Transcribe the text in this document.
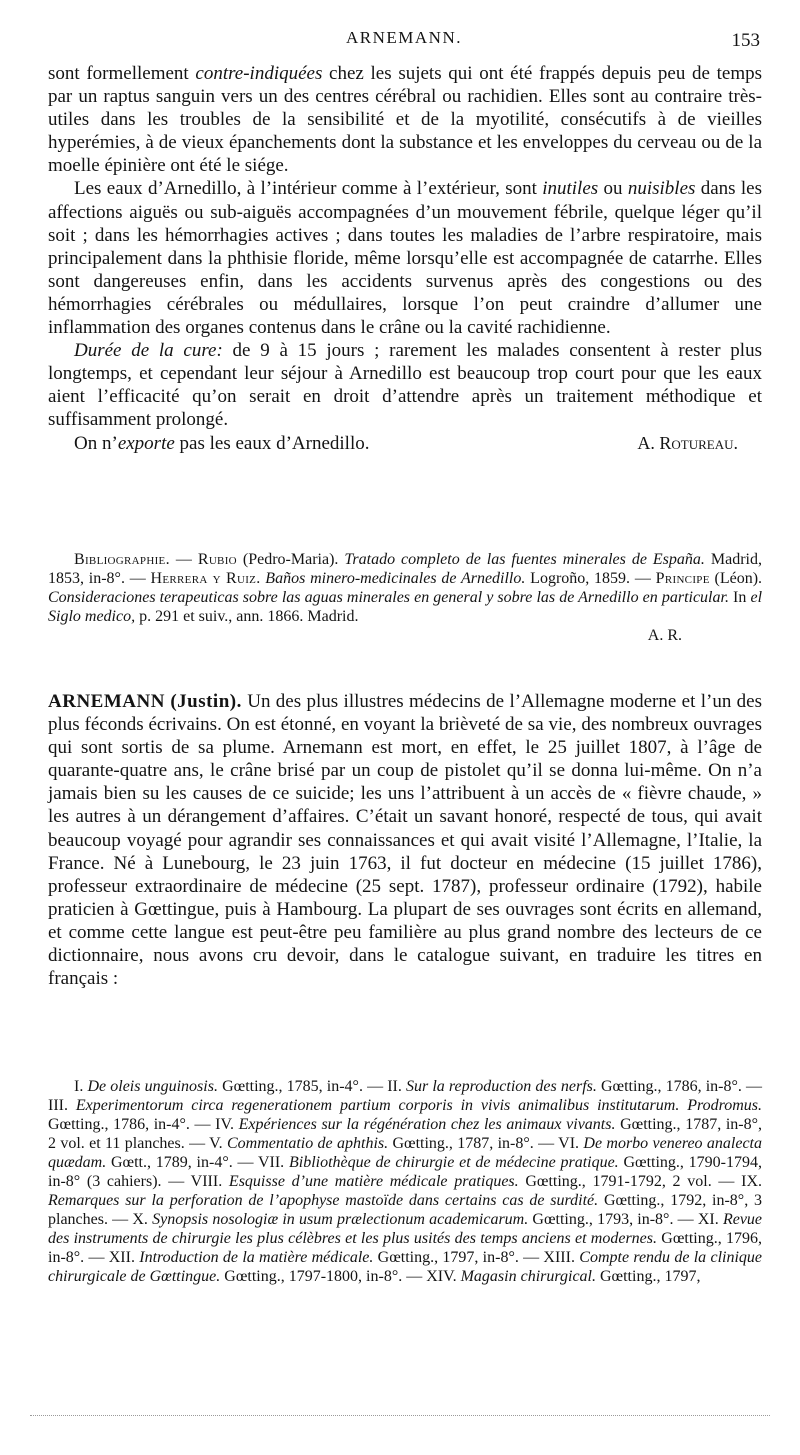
ARNEMANN.	153

sont formellement contre-indiquées chez les sujets qui ont été frappés depuis peu de temps par un raptus sanguin vers un des centres cérébral ou rachidien. Elles sont au contraire très-utiles dans les troubles de la sensibilité et de la myotilité, consécutifs à de vieilles hyperémies, à de vieux épanchements dont la substance et les enveloppes du cerveau ou de la moelle épinière ont été le siége.

Les eaux d’Arnedillo, à l’intérieur comme à l’extérieur, sont inutiles ou nuisibles dans les affections aiguës ou sub-aiguës accompagnées d’un mouvement fébrile, quelque léger qu’il soit ; dans les hémorrhagies actives ; dans toutes les maladies de l’arbre respiratoire, mais principalement dans la phthisie floride, même lorsqu’elle est accompagnée de catarrhe. Elles sont dangereuses enfin, dans les accidents survenus après des congestions ou des hémorrhagies cérébrales ou médullaires, lorsque l’on peut craindre d’allumer une inflammation des organes contenus dans le crâne ou la cavité rachidienne.

Durée de la cure: de 9 à 15 jours ; rarement les malades consentent à rester plus longtemps, et cependant leur séjour à Arnedillo est beaucoup trop court pour que les eaux aient l’efficacité qu’on serait en droit d’attendre après un traitement méthodique et suffisamment prolongé.

On n’exporte pas les eaux d’Arnedillo.	A. Rotureau.

Bibliographie. — Rubio (Pedro-Maria). Tratado completo de las fuentes minerales de España. Madrid, 1853, in-8°. — Herrera y Ruiz. Baños minero-medicinales de Arnedillo. Logroño, 1859. — Principe (Léon). Consideraciones terapeuticas sobre las aguas minerales en general y sobre las de Arnedillo en particular. In el Siglo medico, p. 291 et suiv., ann. 1866. Madrid.

A. R.

ARNEMANN (Justin). Un des plus illustres médecins de l’Allemagne moderne et l’un des plus féconds écrivains. On est étonné, en voyant la brièveté de sa vie, des nombreux ouvrages qui sont sortis de sa plume. Arnemann est mort, en effet, le 25 juillet 1807, à l’âge de quarante-quatre ans, le crâne brisé par un coup de pistolet qu’il se donna lui-même. On n’a jamais bien su les causes de ce suicide; les uns l’attribuent à un accès de « fièvre chaude, » les autres à un dérangement d’affaires. C’était un savant honoré, respecté de tous, qui avait beaucoup voyagé pour agrandir ses connaissances et qui avait visité l’Allemagne, l’Italie, la France. Né à Lunebourg, le 23 juin 1763, il fut docteur en médecine (15 juillet 1786), professeur extraordinaire de médecine (25 sept. 1787), professeur ordinaire (1792), habile praticien à Gœttingue, puis à Hambourg. La plupart de ses ouvrages sont écrits en allemand, et comme cette langue est peut-être peu familière au plus grand nombre des lecteurs de ce dictionnaire, nous avons cru devoir, dans le catalogue suivant, en traduire les titres en français :

I. De oleis unguinosis. Gœtting., 1785, in-4°. — II. Sur la reproduction des nerfs. Gœtting., 1786, in-8°. — III. Experimentorum circa regenerationem partium corporis in vivis animalibus institutarum. Prodromus. Gœtting., 1786, in-4°. — IV. Expériences sur la régénération chez les animaux vivants. Gœtting., 1787, in-8°, 2 vol. et 11 planches. — V. Commentatio de aphthis. Gœtting., 1787, in-8°. — VI. De morbo venereo analecta quædam. Gœtt., 1789, in-4°. — VII. Bibliothèque de chirurgie et de médecine pratique. Gœtting., 1790-1794, in-8° (3 cahiers). — VIII. Esquisse d’une matière médicale pratiques. Gœtting., 1791-1792, 2 vol. — IX. Remarques sur la perforation de l’apophyse mastoïde dans certains cas de surdité. Gœtting., 1792, in-8°, 3 planches. — X. Synopsis nosologiæ in usum prælectionum academicarum. Gœtting., 1793, in-8°. — XI. Revue des instruments de chirurgie les plus célèbres et les plus usités des temps anciens et modernes. Gœtting., 1796, in-8°. — XII. Introduction de la matière médicale. Gœtting., 1797, in-8°. — XIII. Compte rendu de la clinique chirurgicale de Gœttingue. Gœtting., 1797-1800, in-8°. — XIV. Magasin chirurgical. Gœtting., 1797,
